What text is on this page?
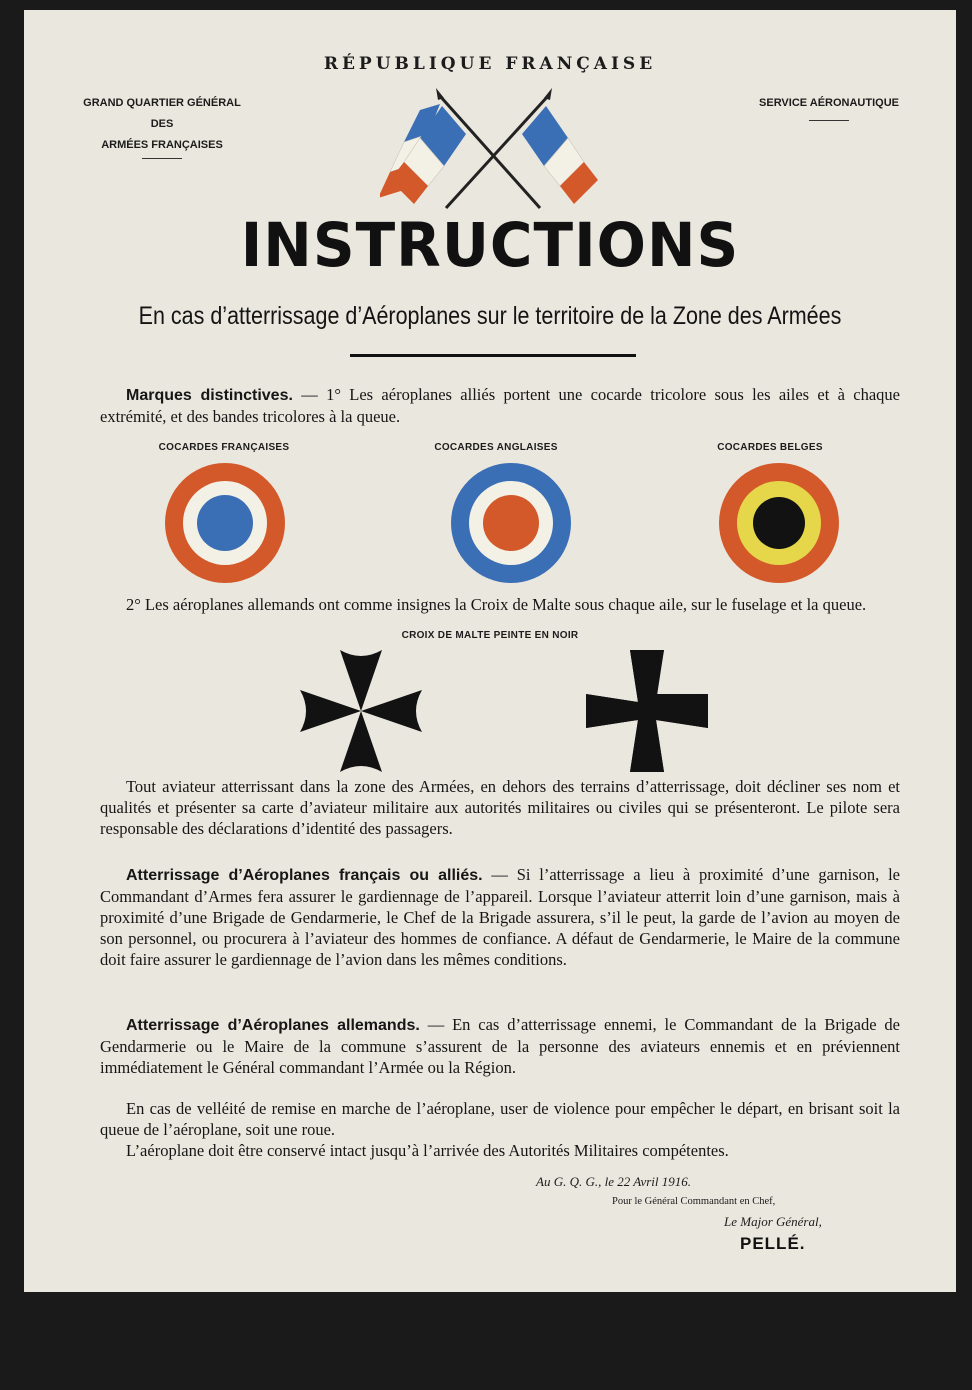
RÉPUBLIQUE FRANÇAISE
GRAND QUARTIER GÉNÉRAL
DES
ARMÉES FRANÇAISES
SERVICE AÉRONAUTIQUE
INSTRUCTIONS
En cas d’atterrissage d’Aéroplanes sur le territoire de la Zone des Armées

Marques distinctives. — 1° Les aéroplanes alliés portent une cocarde tricolore sous les ailes et à chaque extrémité, et des bandes tricolores à la queue.

COCARDES FRANÇAISES	COCARDES ANGLAISES	COCARDES BELGES

2° Les aéroplanes allemands ont comme insignes la Croix de Malte sous chaque aile, sur le fuselage et la queue.

CROIX DE MALTE PEINTE EN NOIR

Tout aviateur atterrissant dans la zone des Armées, en dehors des terrains d’atterrissage, doit décliner ses nom et qualités et présenter sa carte d’aviateur militaire aux autorités militaires ou civiles qui se présenteront. Le pilote sera responsable des déclarations d’identité des passagers.

Atterrissage d’Aéroplanes français ou alliés. — Si l’atterrissage a lieu à proximité d’une garnison, le Commandant d’Armes fera assurer le gardiennage de l’appareil. Lorsque l’aviateur atterrit loin d’une garnison, mais à proximité d’une Brigade de Gendarmerie, le Chef de la Brigade assurera, s’il le peut, la garde de l’avion au moyen de son personnel, ou procurera à l’aviateur des hommes de confiance. A défaut de Gendarmerie, le Maire de la commune doit faire assurer le gardiennage de l’avion dans les mêmes conditions.

Atterrissage d’Aéroplanes allemands. — En cas d’atterrissage ennemi, le Commandant de la Brigade de Gendarmerie ou le Maire de la commune s’assurent de la personne des aviateurs ennemis et en préviennent immédiatement le Général commandant l’Armée ou la Région.

En cas de velléité de remise en marche de l’aéroplane, user de violence pour empêcher le départ, en brisant soit la queue de l’aéroplane, soit une roue.

L’aéroplane doit être conservé intact jusqu’à l’arrivée des Autorités Militaires compétentes.

Au G. Q. G., le 22 Avril 1916.
Pour le Général Commandant en Chef,
Le Major Général,
PELLÉ.
